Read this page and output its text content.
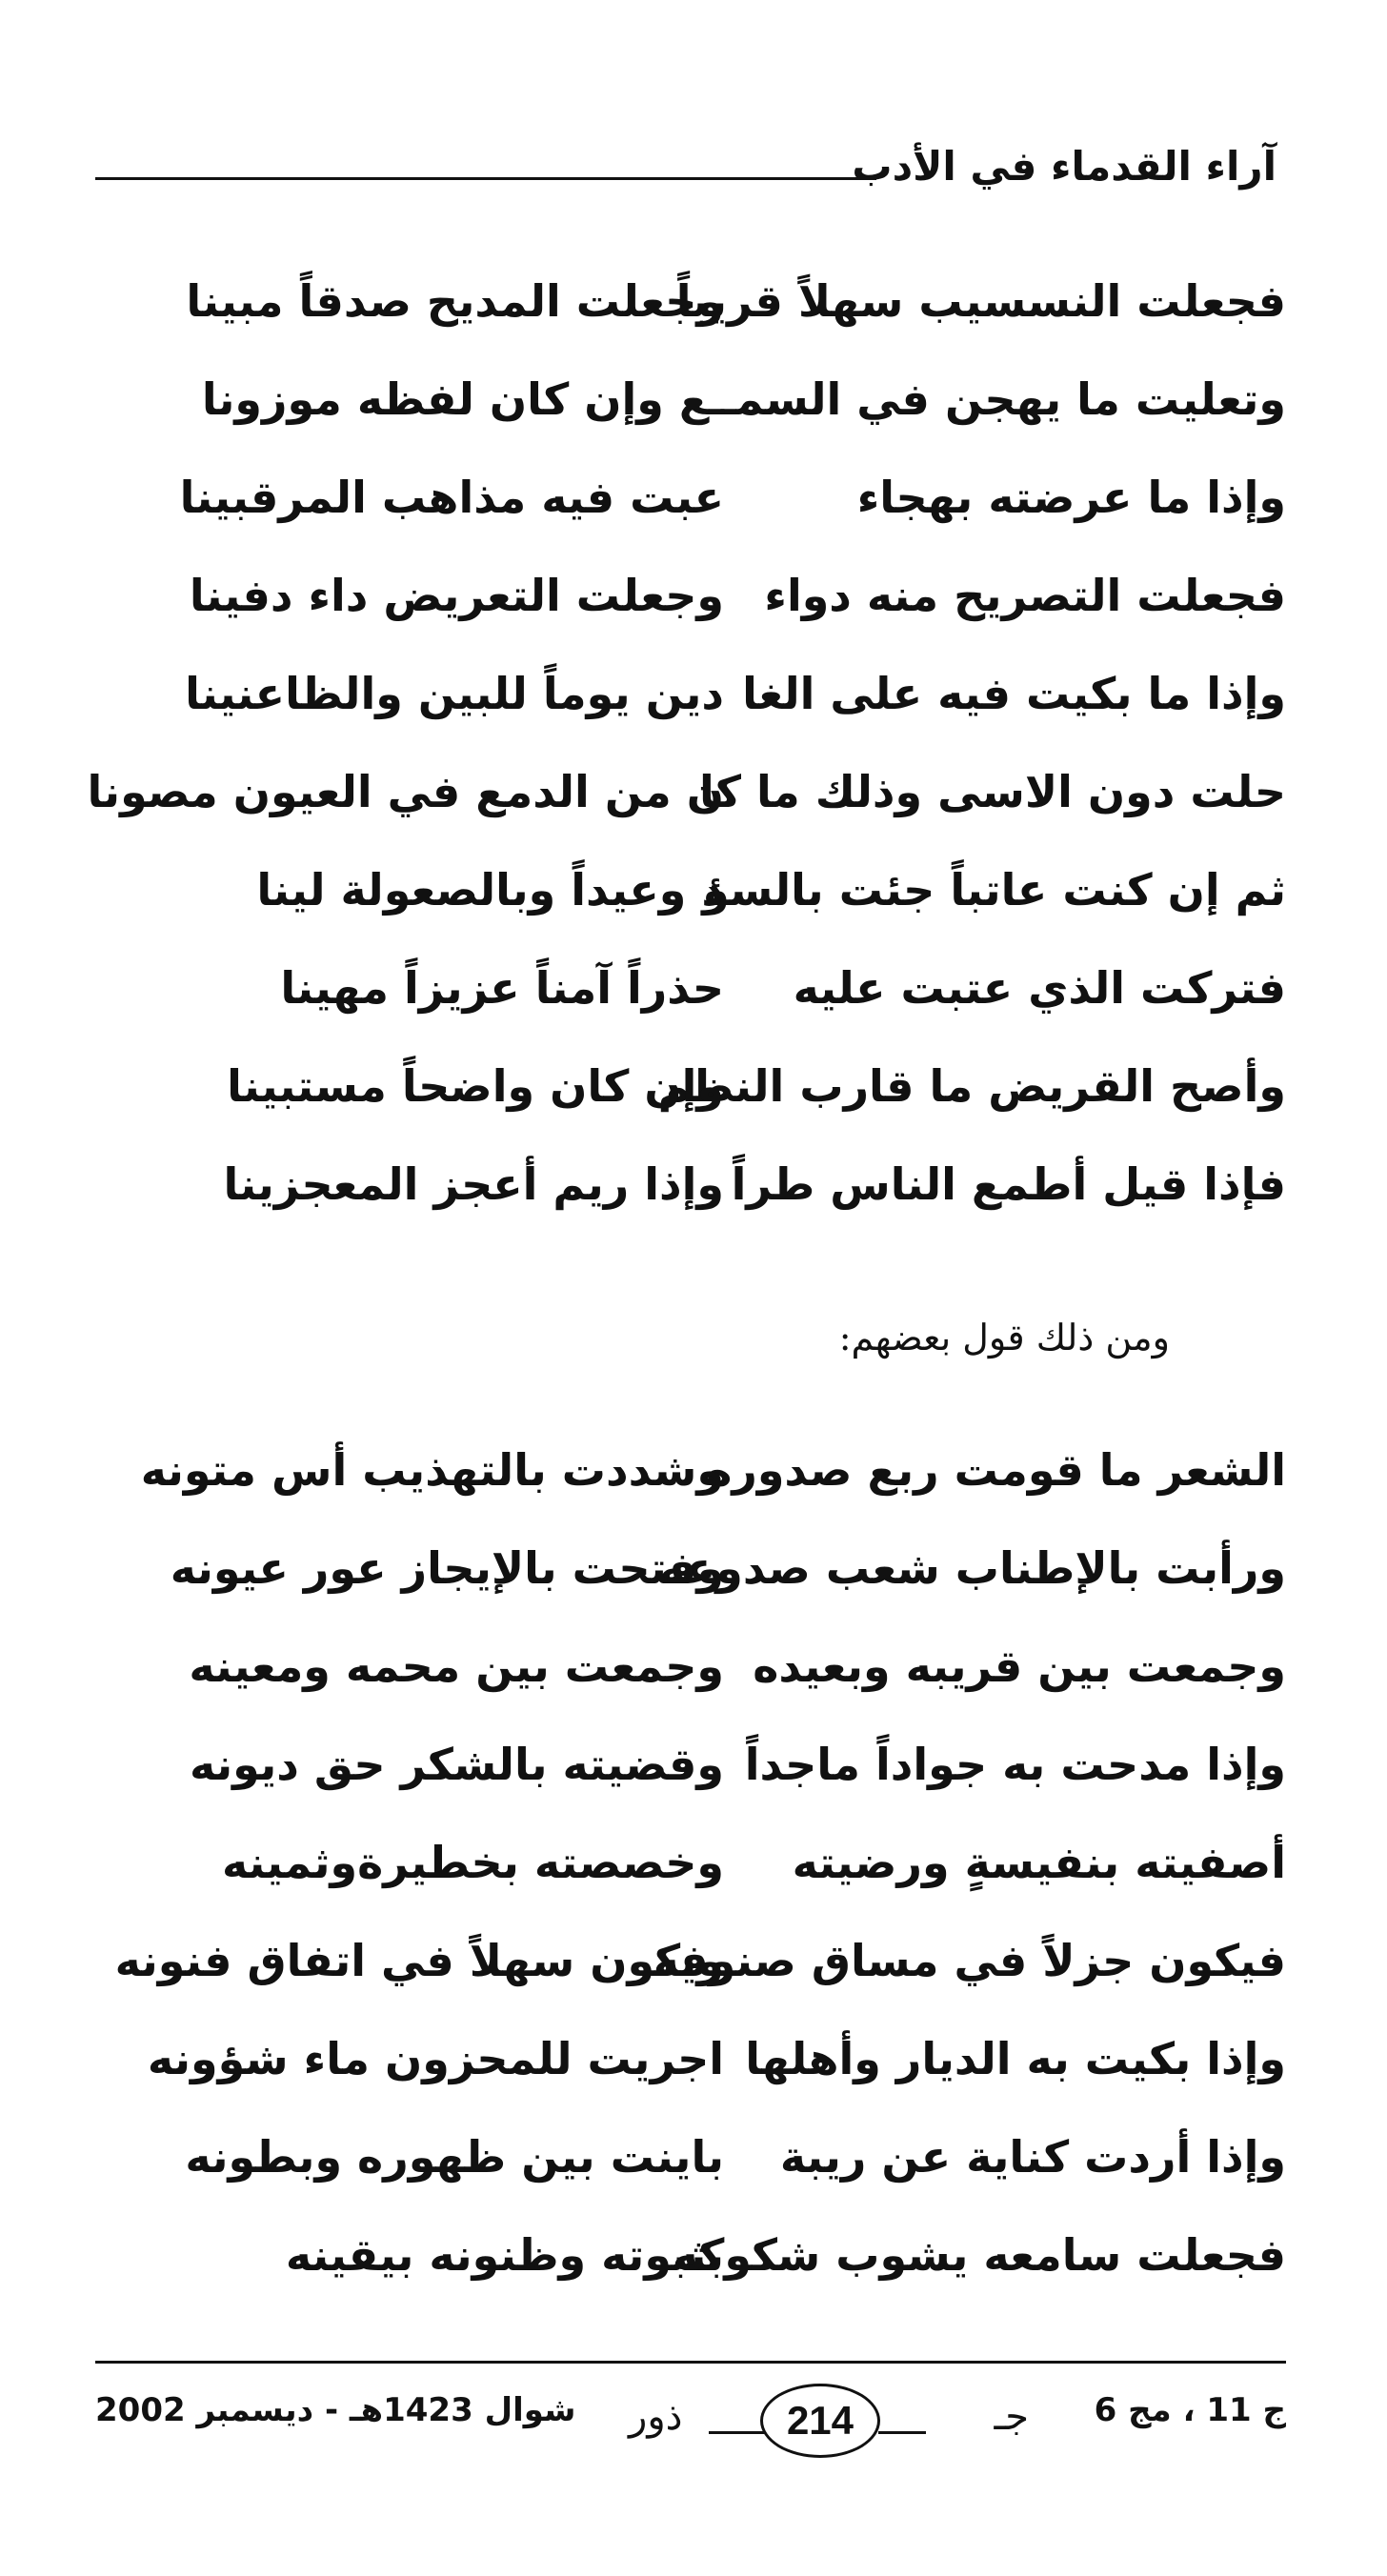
آراء القدماء في الأدب
فجعلت النسسيب سهلاً قريباً
وجعلت المديح صدقاً مبينا
وتعليت ما يهجن في السمـ
ـع وإن كان لفظه موزونا
وإذا ما عرضته بهجاء
عبت فيه مذاهب المرقبينا
فجعلت التصريح منه دواء
وجعلت التعريض داء دفينا
وإذا ما بكيت فيه على الغا
دين يوماً للبين والظاعنينا
حلت دون الاسى وذلك ما كا
ن من الدمع في العيون مصونا
ثم إن كنت عاتباً جئت بالسؤ
د وعيداً وبالصعولة لينا
فتركت الذي عتبت عليه
حذراً آمناً عزيزاً مهينا
وأصح القريض ما قارب النظم
وإن كان واضحاً مستبينا
فإذا قيل أطمع الناس طراً
وإذا ريم أعجز المعجزينا
ومن ذلك قول بعضهم:
الشعر ما قومت ربع صدوره
وشددت بالتهذيب أس متونه
ورأبت بالإطناب شعب صدوعه
وفتحت بالإيجاز عور عيونه
وجمعت بين قريبه وبعيده
وجمعت بين محمه ومعينه
وإذا مدحت به جواداً ماجداً
وقضيته بالشكر حق ديونه
أصفيته بنفيسةٍ ورضيته
وخصصته بخطيرةوثمينه
فيكون جزلاً في مساق صنوفه
ويكون سهلاً في اتفاق فنونه
وإذا بكيت به الديار وأهلها
اجريت للمحزون ماء شؤونه
وإذا أردت كناية عن ريبة
باينت بين ظهوره وبطونه
فجعلت سامعه يشوب شكوكه
بثبوته وظنونه بيقينه
ج 11 ، مج 6
جـ
214
ذور
شوال 1423هـ - ديسمبر 2002
